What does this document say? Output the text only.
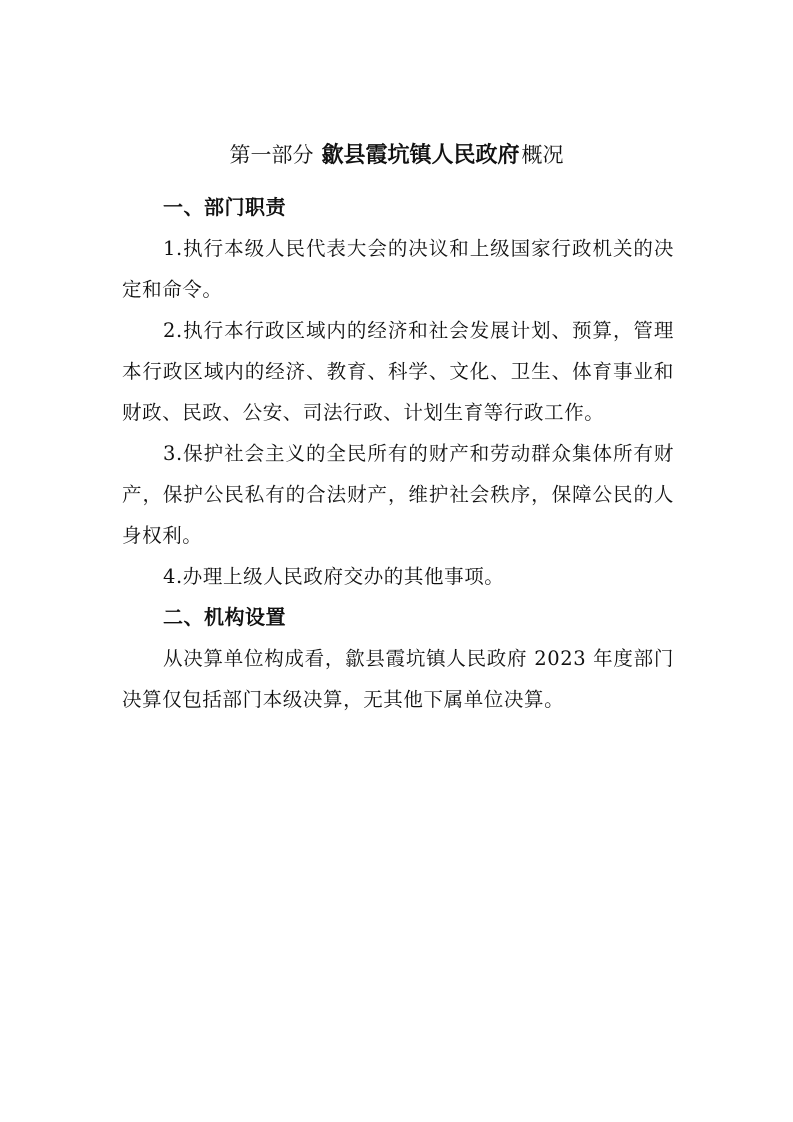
第一部分 歙县霞坑镇人民政府概况

一、部门职责

1.执行本级人民代表大会的决议和上级国家行政机关的决定和命令。

2.执行本行政区域内的经济和社会发展计划、预算，管理本行政区域内的经济、教育、科学、文化、卫生、体育事业和财政、民政、公安、司法行政、计划生育等行政工作。

3.保护社会主义的全民所有的财产和劳动群众集体所有财产，保护公民私有的合法财产，维护社会秩序，保障公民的人身权利。

4.办理上级人民政府交办的其他事项。

二、机构设置

从决算单位构成看，歙县霞坑镇人民政府 2023 年度部门决算仅包括部门本级决算，无其他下属单位决算。
